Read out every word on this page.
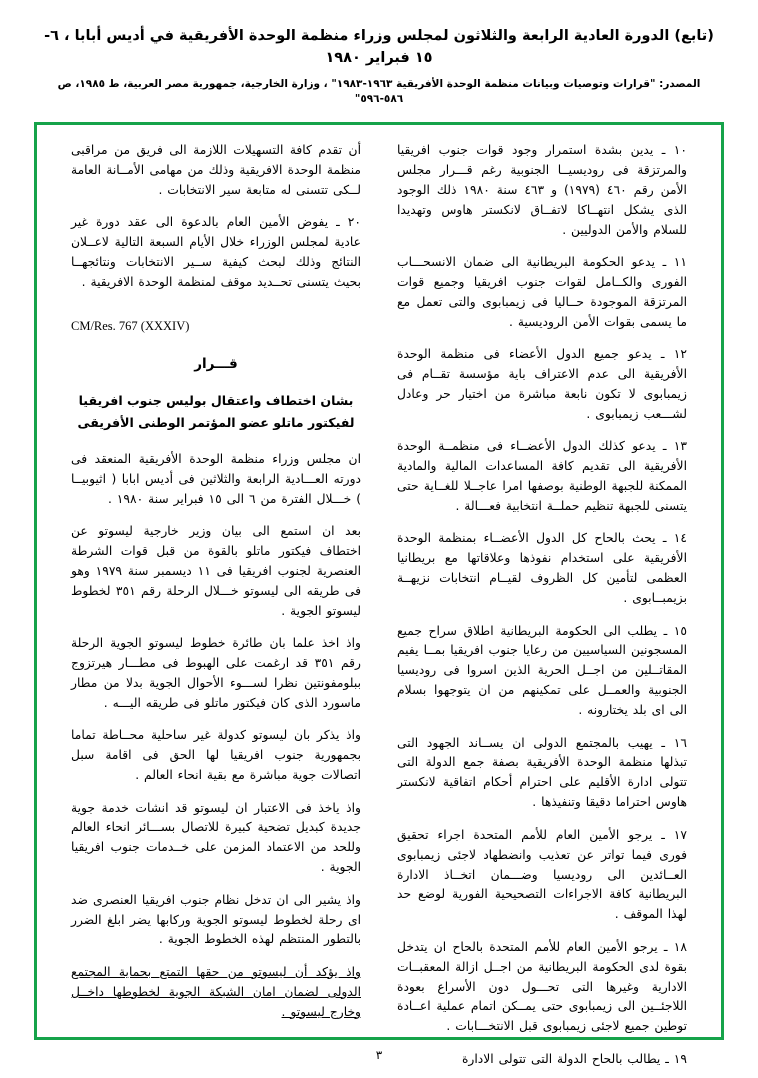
(تابع) الدورة العادية الرابعة والثلاثون لمجلس وزراء منظمة الوحدة الأفريقية في أديس أبابا ، ٦- ١٥ فبراير ١٩٨٠
المصدر: "قرارات وتوصيات وبيانات منظمة الوحدة الأفريقية ١٩٦٣-١٩٨٣" ، وزارة الخارجية، جمهورية مصر العربية، ط ١٩٨٥، ص ٥٨٦-٥٩٦"

١٠ ـ يدين بشدة استمرار وجود قوات جنوب افريقيا والمرتزقة فى روديسيــا الجنوبية رغم قـــرار مجلس الأمن رقم ٤٦٠ (١٩٧٩) و ٤٦٣ سنة ١٩٨٠ ذلك الوجود الذى يشكل انتهــاكا لاتفــاق لانكستر هاوس وتهديدا للسلام والأمن الدوليين .

١١ ـ يدعو الحكومة البريطانية الى ضمان الانسحـــاب الفورى والكــامل لقوات جنوب افريقيا وجميع قوات المرتزقة الموجودة حــاليا فى زيمبابوى والتى تعمل مع ما يسمى بقوات الأمن الروديسية .

١٢ ـ يدعو جميع الدول الأعضاء فى منظمة الوحدة الأفريقية الى عدم الاعتراف باية مؤسسة تقــام فى زيمبابوى لا تكون نابعة مباشرة من اختيار حر وعادل لشـــعب زيمبابوى .

١٣ ـ يدعو كذلك الدول الأعضــاء فى منظمــة الوحدة الأفريقية الى تقديم كافة المساعدات المالية والمادية الممكنة للجبهة الوطنية بوصفها امرا عاجــلا للغــاية حتى يتسنى للجبهة تنظيم حملــة انتخابية فعـــالة .

١٤ ـ يحث بالحاح كل الدول الأعضــاء بمنظمة الوحدة الأفريقية على استخدام نفوذها وعلاقاتها مع بريطانيا العظمى لتأمين كل الظروف لقيــام انتخابات نزيهــة بزيمبــابوى .

١٥ ـ يطلب الى الحكومة البريطانية اطلاق سراح جميع المسجونين السياسيين من رعايا جنوب افريقيا بمــا يفيم المقاتــلين من اجــل الحرية الذين اسروا فى روديسيا الجنوبية والعمــل على تمكينهم من ان يتوجهوا بسلام الى اى بلد يختارونه .

١٦ ـ يهيب بالمجتمع الدولى ان يســاند الجهود التى تبذلها منظمة الوحدة الأفريقية بصفة جمع الدولة التى تتولى ادارة الأقليم على احترام أحكام اتفاقية لانكستر هاوس احتراما دقيقا وتنفيذها .

١٧ ـ يرجو الأمين العام للأمم المتحدة اجراء تحقيق فورى فيما تواتر عن تعذيب وانضطهاد لاجئى زيمبابوى العــائدين الى روديسيا وضـــمان اتخــاذ الادارة البريطانية كافة الاجراءات التصحيحية الفورية لوضع حد لهذا الموقف .

١٨ ـ يرجو الأمين العام للأمم المتحدة بالحاح ان يتدخل بقوة لدى الحكومة البريطانية من اجــل ازالة المعقبــات الادارية وغيرها التى تحـــول دون الأسراع بعودة اللاجئــين الى زيمبابوى حتى يمــكن اتمام عملية اعــادة توطين جميع لاجئى زيمبابوى قبل الانتخـــابات .

١٩ ـ يطالب بالحاح الدولة التى تتولى الادارة

أن تقدم كافة التسهيلات اللازمة الى فريق من مراقبى منظمة الوحدة الافريقية وذلك من مهامى الأمــانة العامة لــكى تتسنى له متابعة سير الانتخابات .

٢٠ ـ يفوض الأمين العام بالدعوة الى عقد دورة غير عادية لمجلس الوزراء خلال الأيام السبعة التالية لاعــلان النتائج وذلك لبحث كيفية ســير الانتخابات ونتائجهــا بحيث يتسنى تحــديد موقف لمنظمة الوحدة الافريقية .

CM/Res. 767 (XXXIV)
قـــرار
بشان اختطاف واعتقال بوليس جنوب افريقيا لفيكتور ماتلو عضو المؤتمر الوطنى الأفريقى

ان مجلس وزراء منظمة الوحدة الأفريقية المنعقد فى دورته العـــادية الرابعة والثلاثين فى أديس ابابا ( اثيوبيــا ) خـــلال الفترة من ٦ الى ١٥ فبراير سنة ١٩٨٠ .

بعد ان استمع الى بيان وزير خارجية ليسوتو عن اختطاف فيكتور ماتلو بالقوة من قبل قوات الشرطة العنصرية لجنوب افريقيا فى ١١ ديسمبر سنة ١٩٧٩ وهو فى طريقه الى ليسوتو خـــلال الرحلة رقم ٣٥١ لخطوط ليسوتو الجوية .

واذ اخذ علما بان طائرة خطوط ليسوتو الجوية الرحلة رقم ٣٥١ قد ارغمت على الهبوط فى مطـــار هيرتزوج ببلومفونتين نظرا لســـوء الأحوال الجوية بدلا من مطار ماسورد الذى كان فيكتور ماتلو فى طريقه اليـــه .

واذ يذكر بان ليسوتو كدولة غير ساحلية محــاطة تماما بجمهورية جنوب افريقيا لها الحق فى اقامة سبل اتصالات جوية مباشرة مع بقية انحاء العالم .

واذ ياخذ فى الاعتبار ان ليسوتو قد انشات خدمة جوية جديدة كبديل تضحية كبيرة للاتصال بســـائر انحاء العالم وللحد من الاعتماد المزمن على خــدمات جنوب افريقيا الجوية .

واذ يشير الى ان تدخل نظام جنوب افريقيا العنصرى ضد اى رحلة لخطوط ليسوتو الجوية وركابها يضر ابلغ الضرر بالتطور المنتظم لهذه الخطوط الجوية .

واذ يؤكد أن ليسوتو من حقها التمتع بحماية المجتمع الدولى لضمان امان الشبكة الجوية لخطوطها داخــل وخارج ليسوتو .

٣
